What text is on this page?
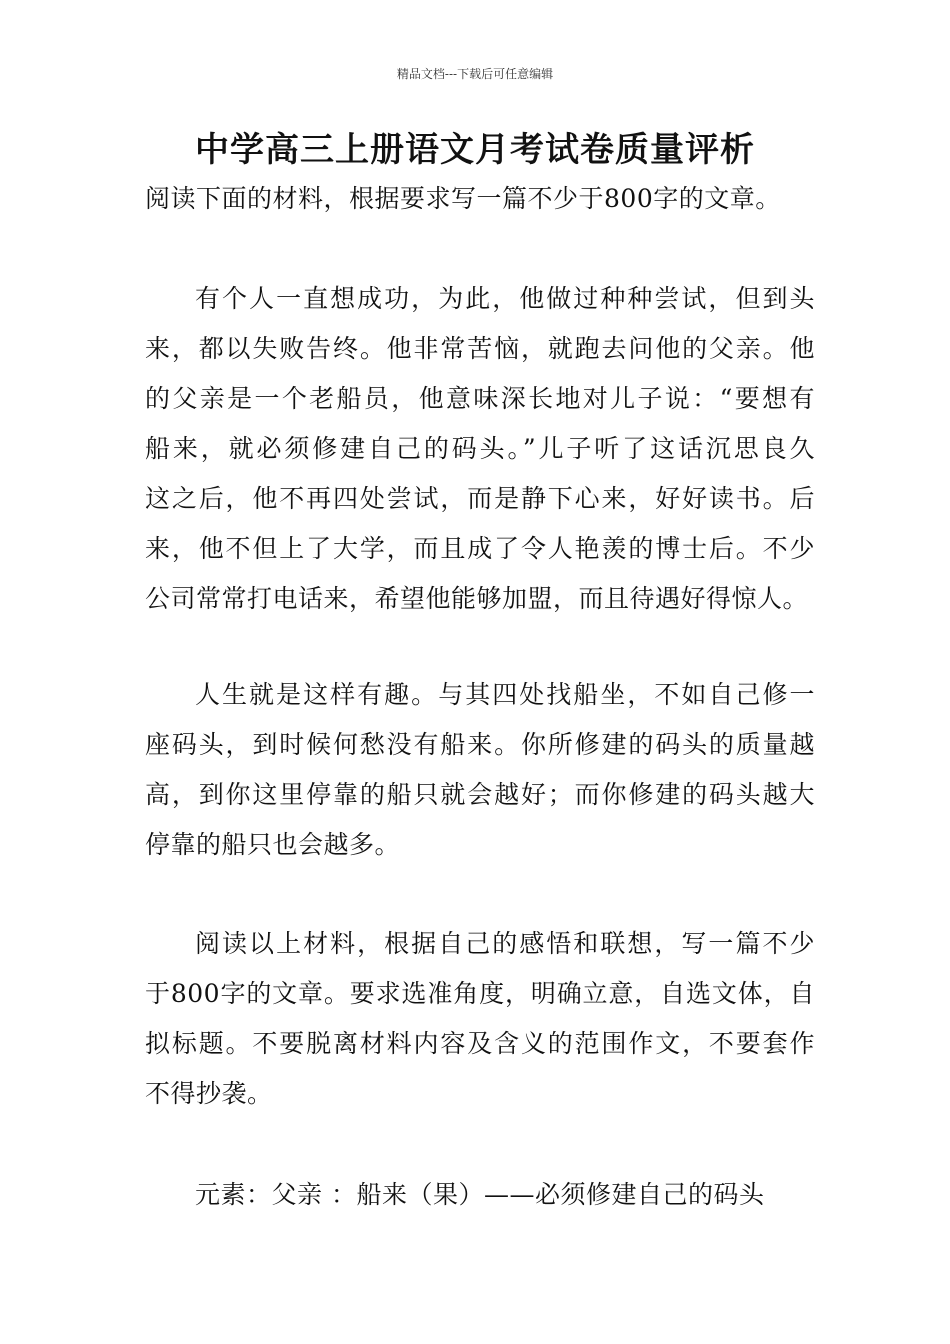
精品文档---下载后可任意编辑
中学高三上册语文月考试卷质量评析

阅读下面的材料，根据要求写一篇不少于800字的文章。

有个人一直想成功，为此，他做过种种尝试，但到头
来，都以失败告终。他非常苦恼，就跑去问他的父亲。他
的父亲是一个老船员，他意味深长地对儿子说：“要想有
船来，就必须修建自己的码头。”儿子听了这话沉思良久
这之后，他不再四处尝试，而是静下心来，好好读书。后
来，他不但上了大学，而且成了令人艳羡的博士后。不少
公司常常打电话来，希望他能够加盟，而且待遇好得惊人。

人生就是这样有趣。与其四处找船坐，不如自己修一
座码头，到时候何愁没有船来。你所修建的码头的质量越
高，到你这里停靠的船只就会越好；而你修建的码头越大
停靠的船只也会越多。

阅读以上材料，根据自己的感悟和联想，写一篇不少
于800字的文章。要求选准角度，明确立意，自选文体，自
拟标题。不要脱离材料内容及含义的范围作文，不要套作
不得抄袭。

元素：父亲 ：船来（果）——必须修建自己的码头
